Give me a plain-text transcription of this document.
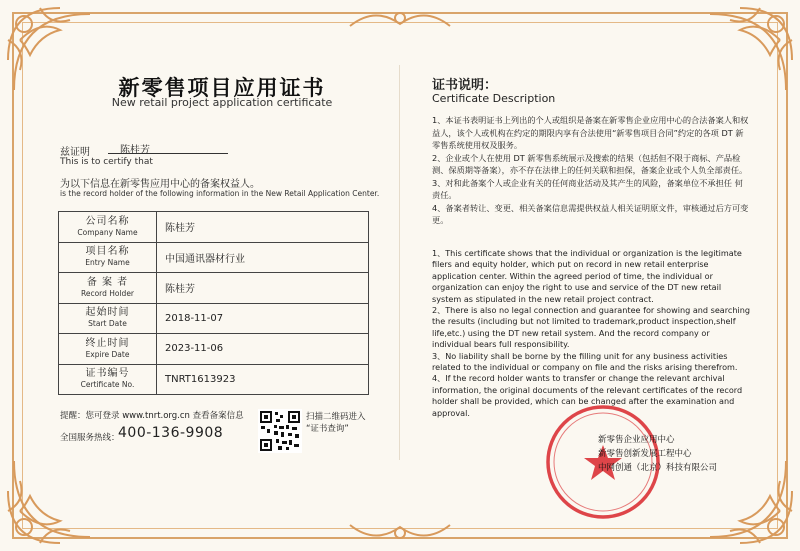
新零售项目应用证书
New retail project application certificate
兹证明	陈桂芳
This is to certify that
为以下信息在新零售应用中心的备案权益人。
is the record holder of the following information in the New Retail Application Center.
公司名称
Company Name	陈桂芳

项目名称
Entry Name	中国通讯器材行业

备 案 者
Record Holder	陈桂芳

起始时间
Start Date	2018-11-07

终止时间
Expire Date	2023-11-06

证书编号
Certificate No.	TNRT1613923
提醒：您可登录 www.tnrt.org.cn 查看备案信息
全国服务热线：
400-136-9908
扫描二维码进入
“证书查询”
证书说明：
Certificate Description

1、本证书表明证书上列出的个人或组织是备案在新零售企业应用中心的合法备案人和权益人，该个人或机构在约定的期限内享有合法使用“新零售项目合同”约定的各项 DT 新零售系统使用权及服务。

2、企业或个人在使用 DT 新零售系统展示及搜索的结果（包括但不限于商标、产品检测、保质期等备案），亦不存在法律上的任何关联和担保，备案企业或个人负全部责任。

3、对和此备案个人或企业有关的任何商业活动及其产生的风险，备案单位不承担任 何责任。

4、备案者转让、变更、相关备案信息需提供权益人相关证明原文件，审核通过后方可变更。

1、This certificate shows that the individual or organization is the legitimate filers and equity holder, which put on record in new retail enterprise application center. Within the agreed period of time, the individual or organization can enjoy the right to use and service of the DT new retail system as stipulated in the new retail project contract.

2、There is also no legal connection and guarantee for showing and searching the results (including but not limited to trademark,product inspection,shelf life,etc.) using the DT new retail system. And the record company or individual bears full responsibility.

3、No liability shall be borne by the filling unit for any business activities related to the individual or company on file and the risks arising therefrom.

4、If the record holder wants to transfer or change the relevant archival information, the original documents of the relevant certificates of the record holder shall be provided, which can be changed after the examination and approval.

新零售企业应用中心
新零售创新发展工程中心
中网创通（北京）科技有限公司
